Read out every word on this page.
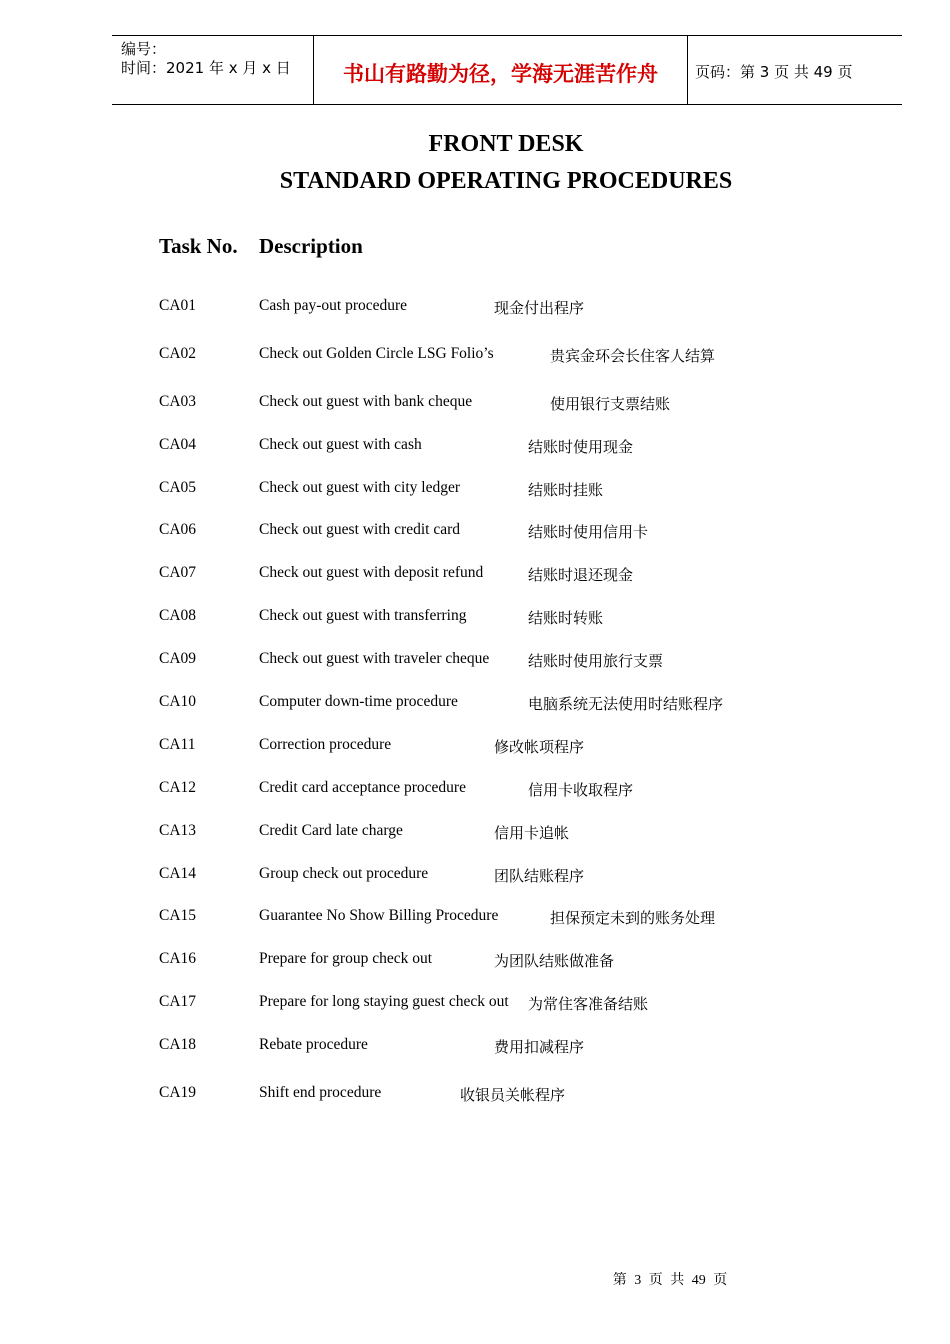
编号：
时间：2021 年 x 月 x 日	书山有路勤为径，学海无涯苦作舟	页码：第 3 页 共 49 页
FRONT DESK
STANDARD OPERATING PROCEDURES
Task No. Description
CA01	Cash pay-out procedure	现金付出程序
CA02	Check out Golden Circle LSG Folio’s	贵宾金环会长住客人结算
CA03	Check out guest with bank cheque	使用银行支票结账
CA04	Check out guest with cash	结账时使用现金
CA05	Check out guest with city ledger	结账时挂账
CA06	Check out guest with credit card	结账时使用信用卡
CA07	Check out guest with deposit refund	结账时退还现金
CA08	Check out guest with transferring	结账时转账
CA09	Check out guest with traveler cheque	结账时使用旅行支票
CA10	Computer down-time procedure	电脑系统无法使用时结账程序
CA11	Correction procedure	修改帐项程序
CA12	Credit card acceptance procedure	信用卡收取程序
CA13	Credit Card late charge	信用卡追帐
CA14	Group check out procedure	团队结账程序
CA15	Guarantee No Show Billing Procedure	担保预定未到的账务处理
CA16	Prepare for group check out	为团队结账做准备
CA17	Prepare for long staying guest check out 为常住客准备结账
CA18	Rebate procedure	费用扣减程序
CA19	Shift end procedure	收银员关帐程序
第 3 页 共 49 页
